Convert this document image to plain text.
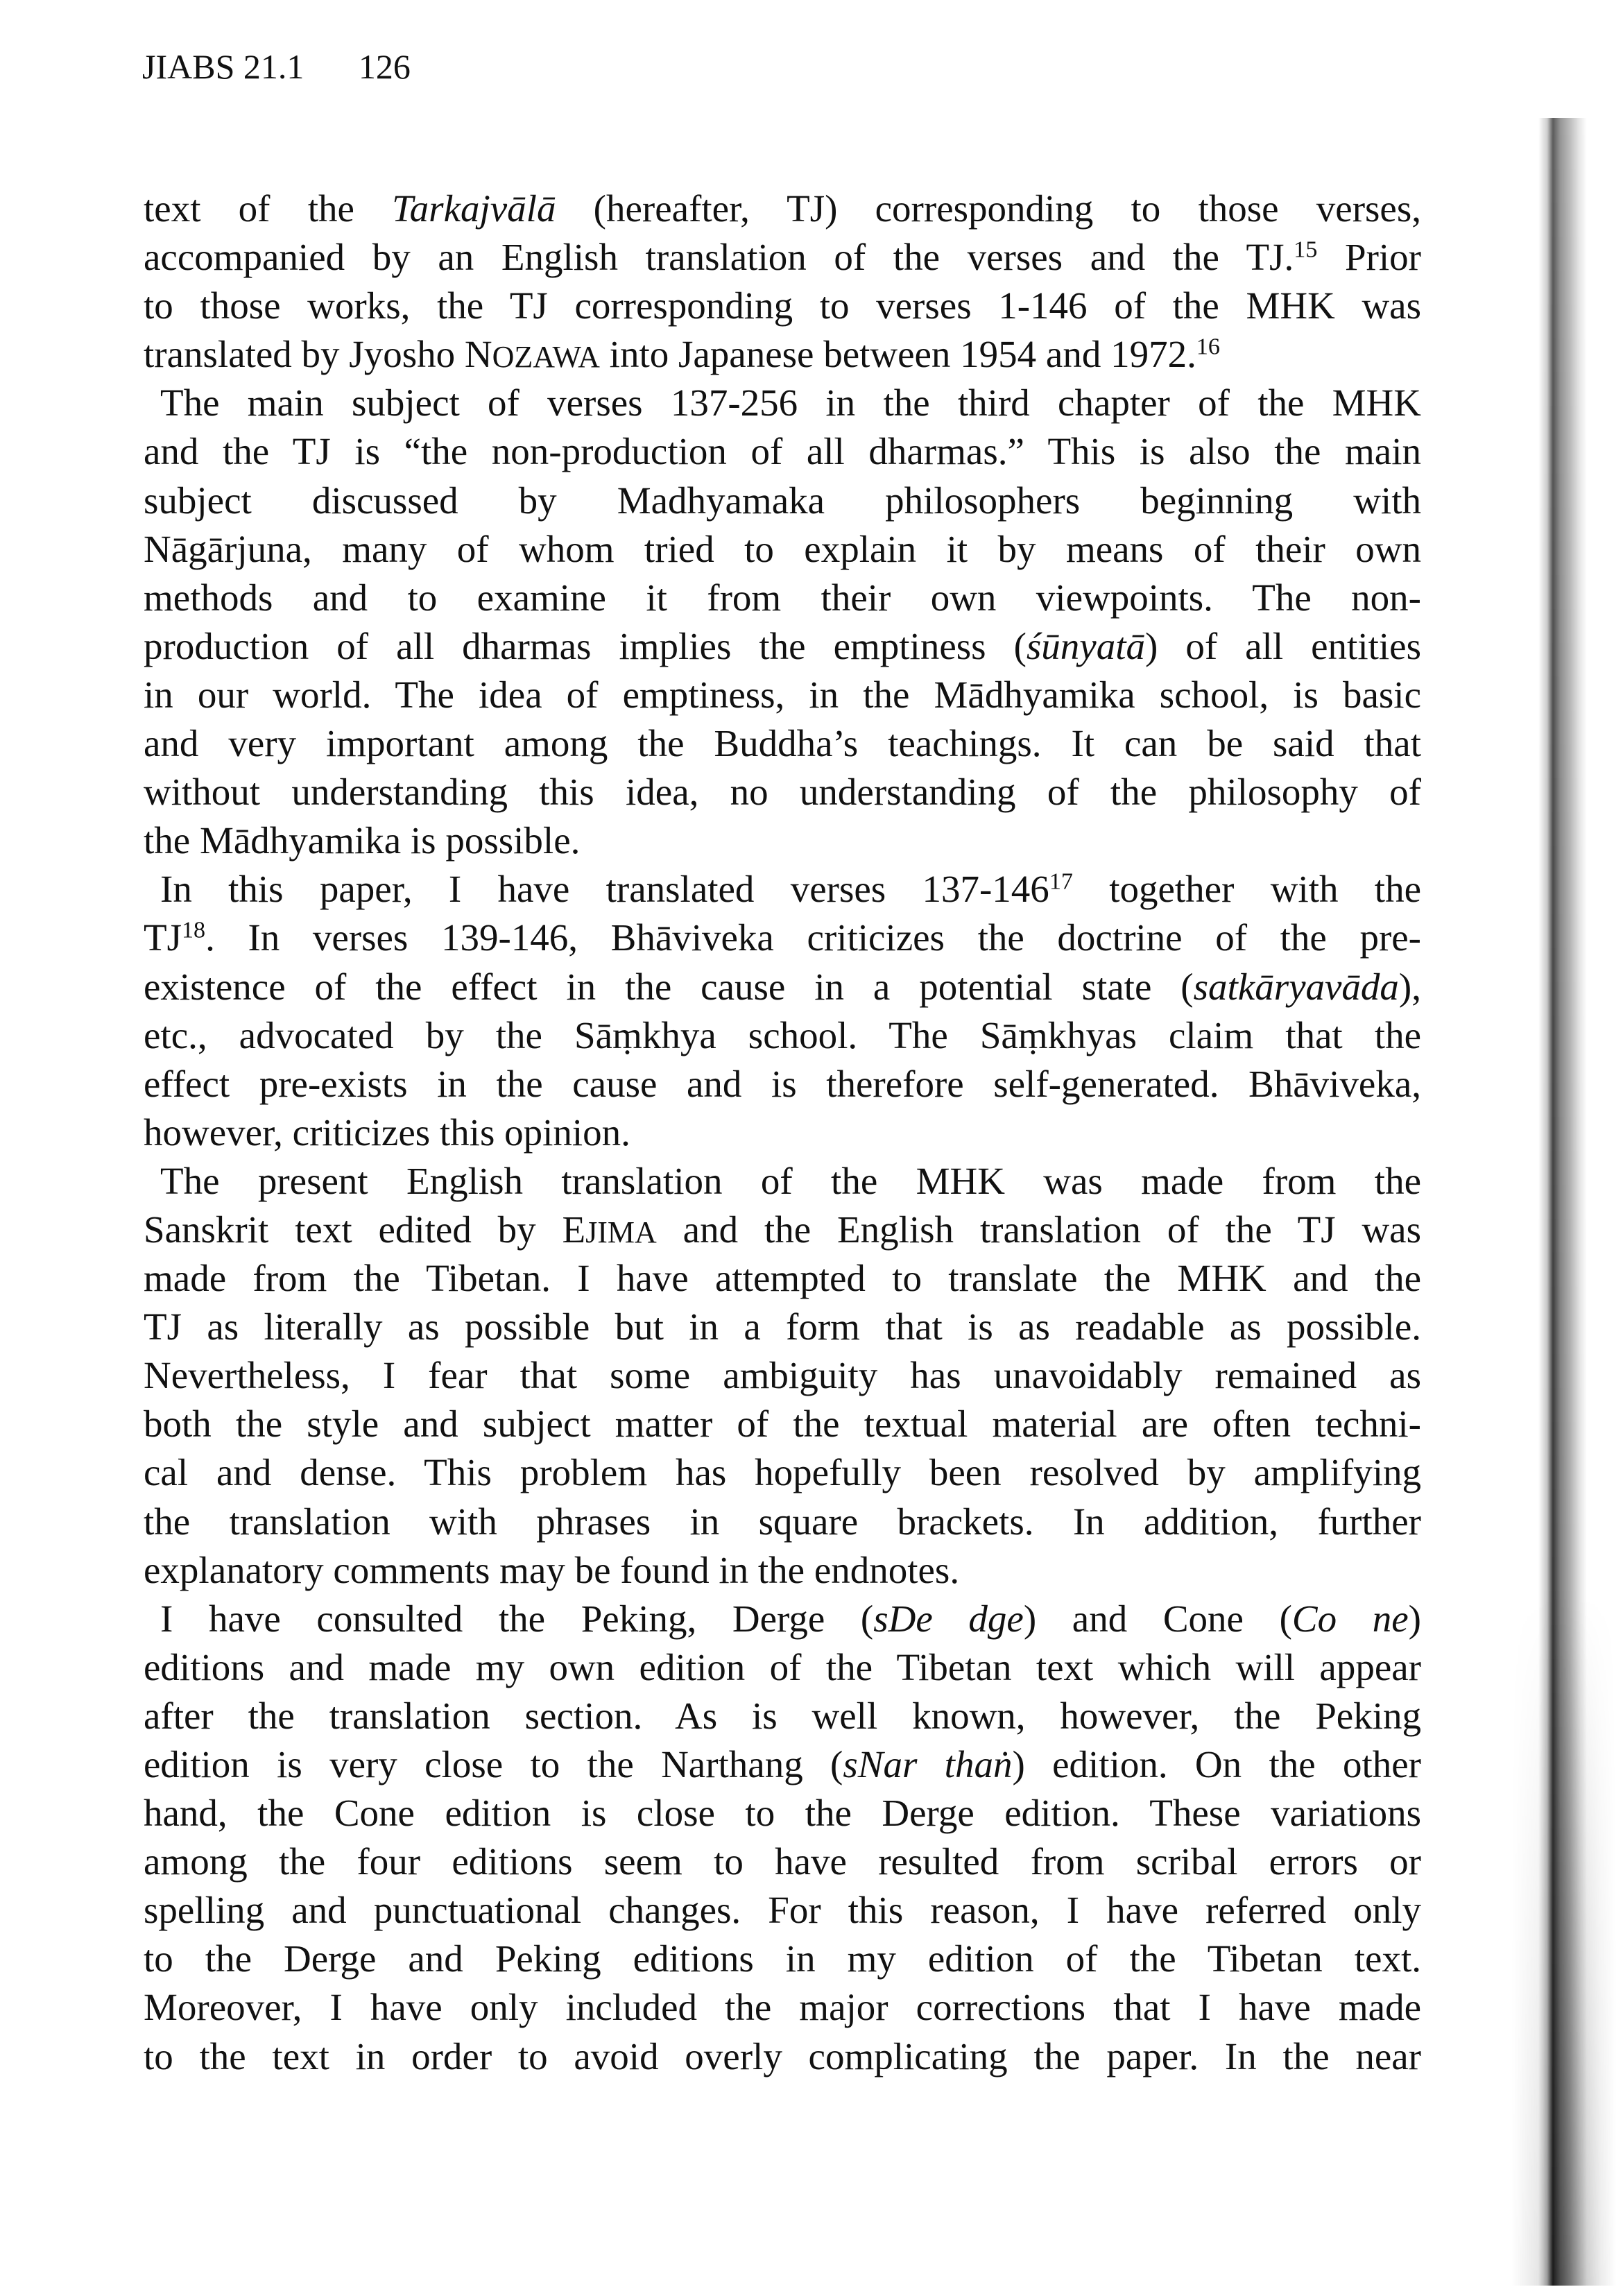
JIABS 21.1 126
text of the Tarkajvālā (hereafter, TJ) corresponding to those verses,
accompanied by an English translation of the verses and the TJ.$^{15}$ Prior
to those works, the TJ corresponding to verses 1-146 of the MHK was
translated by Jyosho NOZAWA into Japanese between 1954 and 1972.16
The main subject of verses 137-256 in the third chapter of the MHK
and the TJ is “the non-production of all dharmas.” This is also the main
subject discussed by Madhyamaka philosophers beginning with
Nāgārjuna, many of whom tried to explain it by means of their own
methods and to examine it from their own viewpoints. The non-
production of all dharmas implies the emptiness (śūnyatā) of all entities
in our world. The idea of emptiness, in the Mādhyamika school, is basic
and very important among the Buddha’s teachings. It can be said that
without understanding this idea, no understanding of the philosophy of
the Mādhyamika is possible.
In this paper, I have translated verses $137-146^{17}$ together with the
TJ$^{18}$. In verses 139-146, Bhāviveka criticizes the doctrine of the pre-
existence of the effect in the cause in a potential state (satkāryavāda),
etc., advocated by the Sāṃkhya school. The Sāṃkhyas claim that the
effect pre-exists in the cause and is therefore self-generated. Bhāviveka,
however, criticizes this opinion.
The present English translation of the MHK was made from the
Sanskrit text edited by EJIMA and the English translation of the TJ was
made from the Tibetan. I have attempted to translate the MHK and the
TJ as literally as possible but in a form that is as readable as possible.
Nevertheless, I fear that some ambiguity has unavoidably remained as
both the style and subject matter of the textual material are often techni-
cal and dense. This problem has hopefully been resolved by amplifying
the translation with phrases in square brackets. In addition, further
explanatory comments may be found in the endnotes.
I have consulted the Peking, Derge (sDe dge) and Cone (Co ne)
editions and made my own edition of the Tibetan text which will appear
after the translation section. As is well known, however, the Peking
edition is very close to the Narthang (sNar thaṅ) edition. On the other
hand, the Cone edition is close to the Derge edition. These variations
among the four editions seem to have resulted from scribal errors or
spelling and punctuational changes. For this reason, I have referred only
to the Derge and Peking editions in my edition of the Tibetan text.
Moreover, I have only included the major corrections that I have made
to the text in order to avoid overly complicating the paper. In the near
